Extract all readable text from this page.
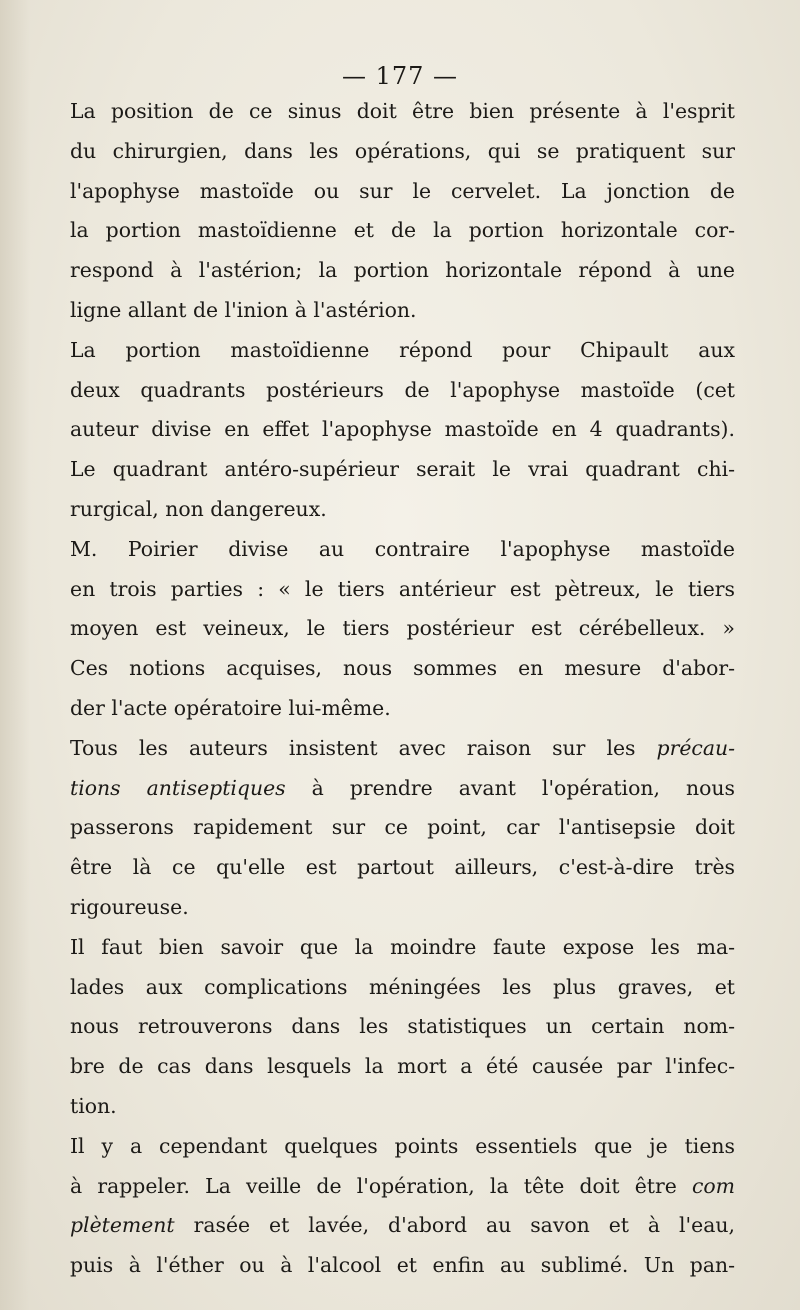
— 177 —

La position de ce sinus doit être bien présente à l'esprit
du chirurgien, dans les opérations, qui se pratiquent sur
l'apophyse mastoïde ou sur le cervelet. La jonction de
la portion mastoïdienne et de la portion horizontale cor-
respond à l'astérion; la portion horizontale répond à une
ligne allant de l'inion à l'astérion.

La portion mastoïdienne répond pour Chipault aux
deux quadrants postérieurs de l'apophyse mastoïde (cet
auteur divise en effet l'apophyse mastoïde en 4 quadrants).
Le quadrant antéro-supérieur serait le vrai quadrant chi-
rurgical, non dangereux.

M. Poirier divise au contraire l'apophyse mastoïde
en trois parties : « le tiers antérieur est pètreux, le tiers
moyen est veineux, le tiers postérieur est cérébelleux. »

Ces notions acquises, nous sommes en mesure d'abor-
der l'acte opératoire lui-même.

Tous les auteurs insistent avec raison sur les précau-
tions antiseptiques à prendre avant l'opération, nous
passerons rapidement sur ce point, car l'antisepsie doit
être là ce qu'elle est partout ailleurs, c'est-à-dire très
rigoureuse.

Il faut bien savoir que la moindre faute expose les ma-
lades aux complications méningées les plus graves, et
nous retrouverons dans les statistiques un certain nom-
bre de cas dans lesquels la mort a été causée par l'infec-
tion.

Il y a cependant quelques points essentiels que je tiens
à rappeler. La veille de l'opération, la tête doit être com
plètement rasée et lavée, d'abord au savon et à l'eau,
puis à l'éther ou à l'alcool et enfin au sublimé. Un pan-
